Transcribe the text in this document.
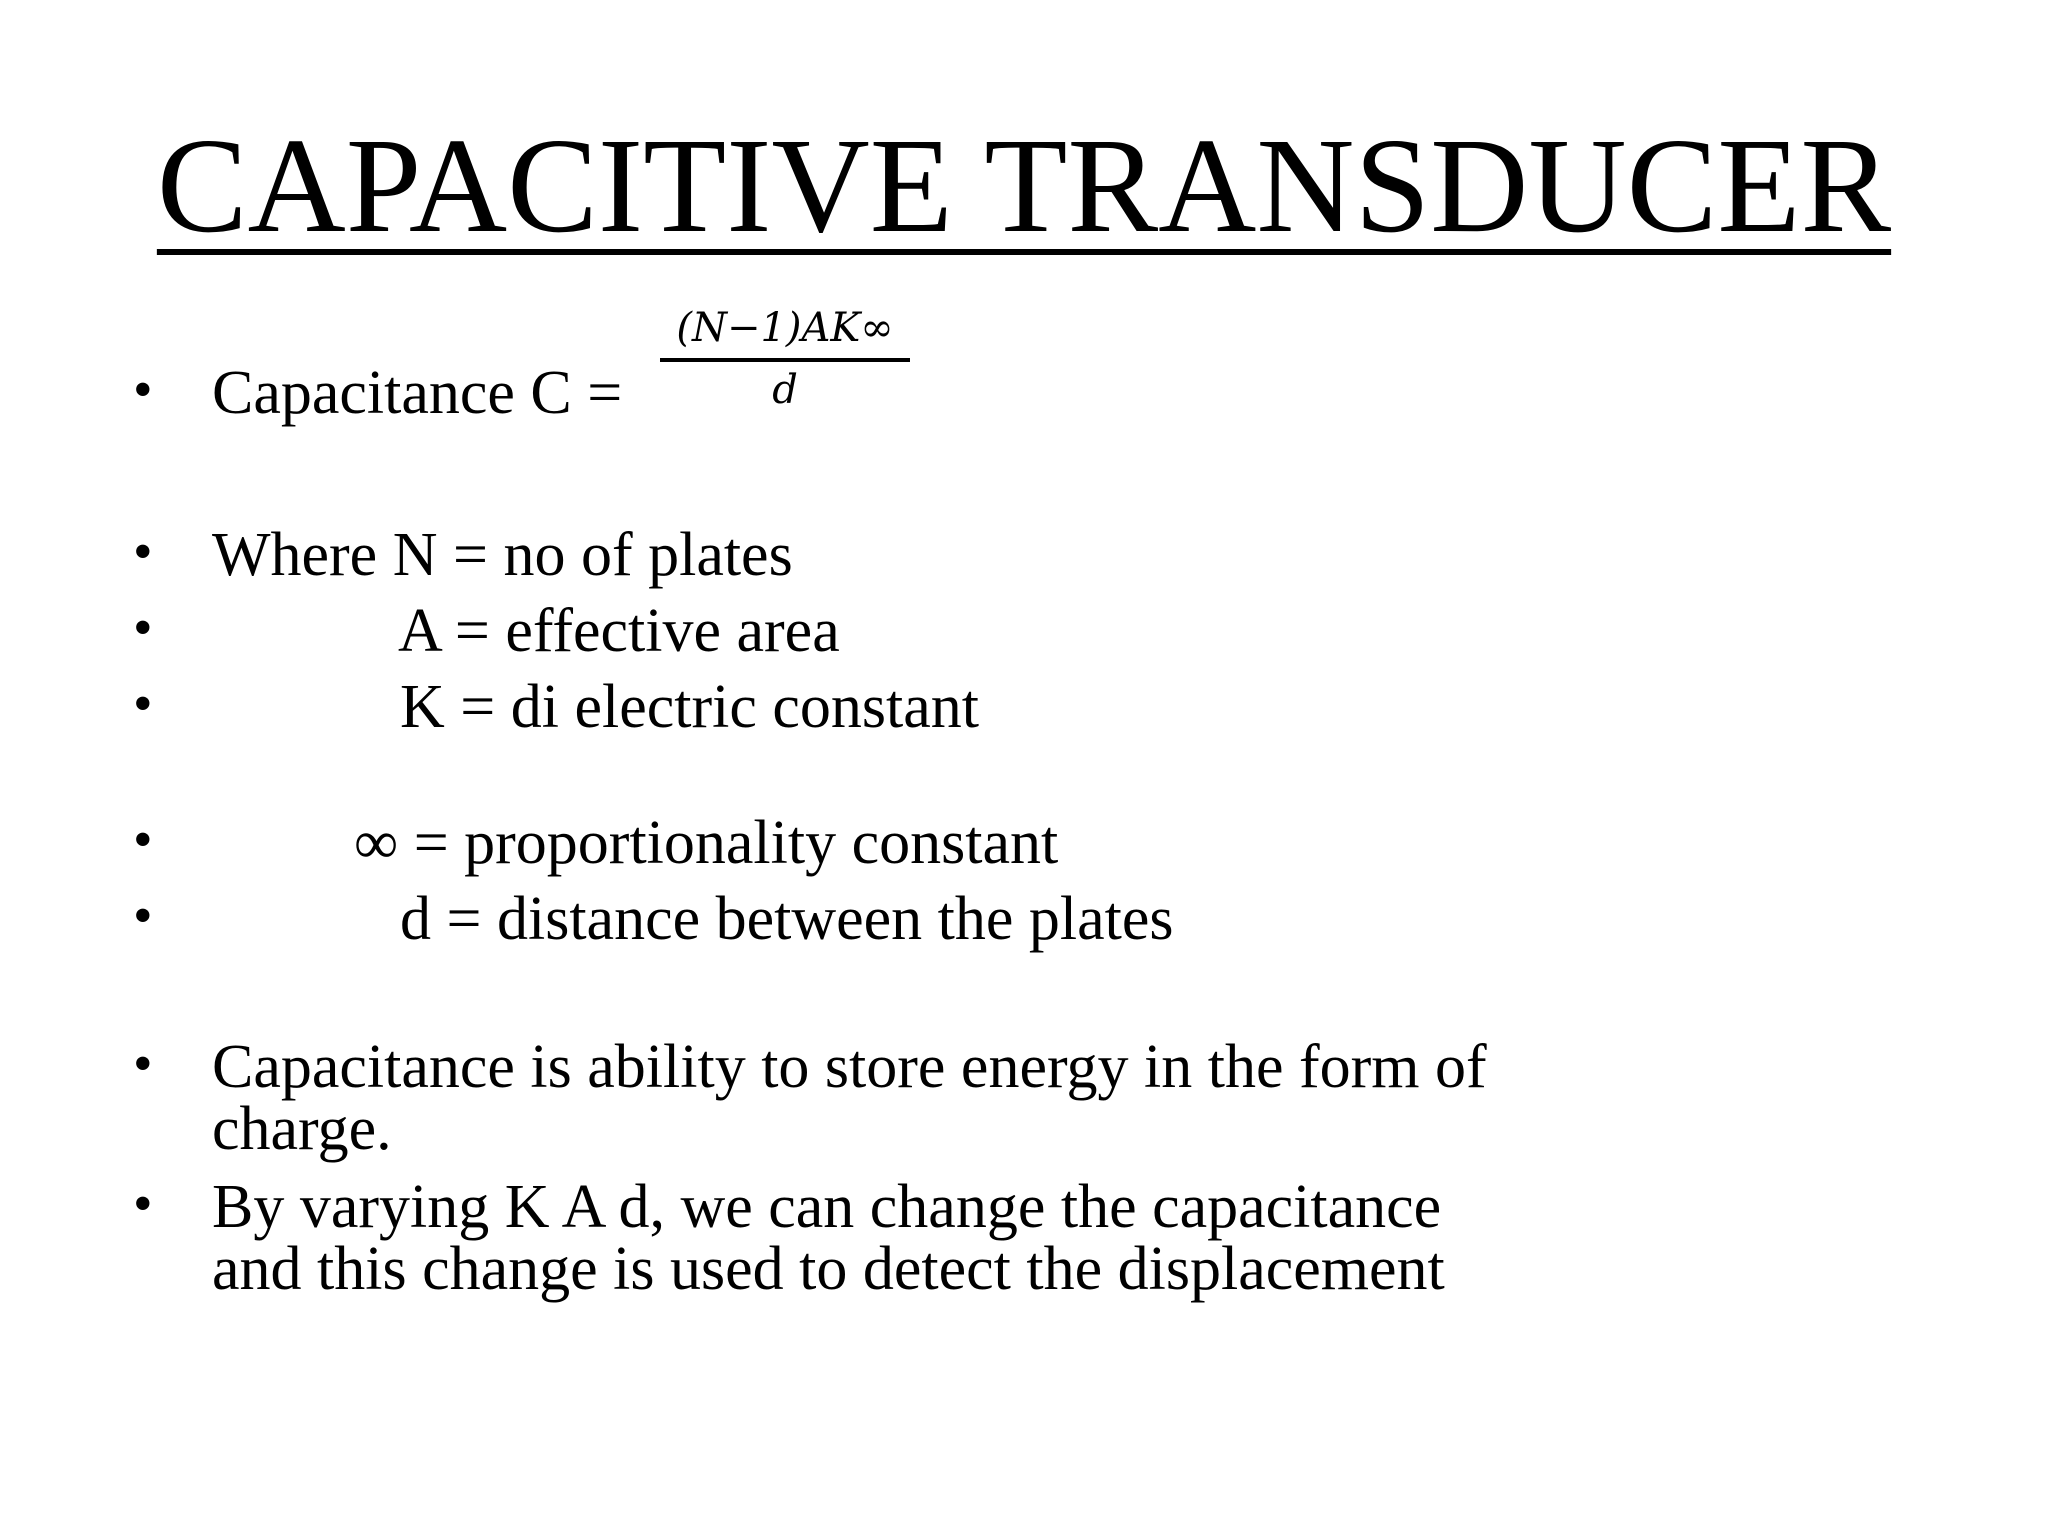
CAPACITIVE TRANSDUCER
• Capacitance C =
(N−1)AK∞
d
• Where N = no of plates
•	A = effective area
•	K = di electric constant
•	∞ = proportionality constant
•	d = distance between the plates
• Capacitance is ability to store energy in the form of charge.
• By varying K A d, we can change the capacitance and this change is used to detect the displacement
